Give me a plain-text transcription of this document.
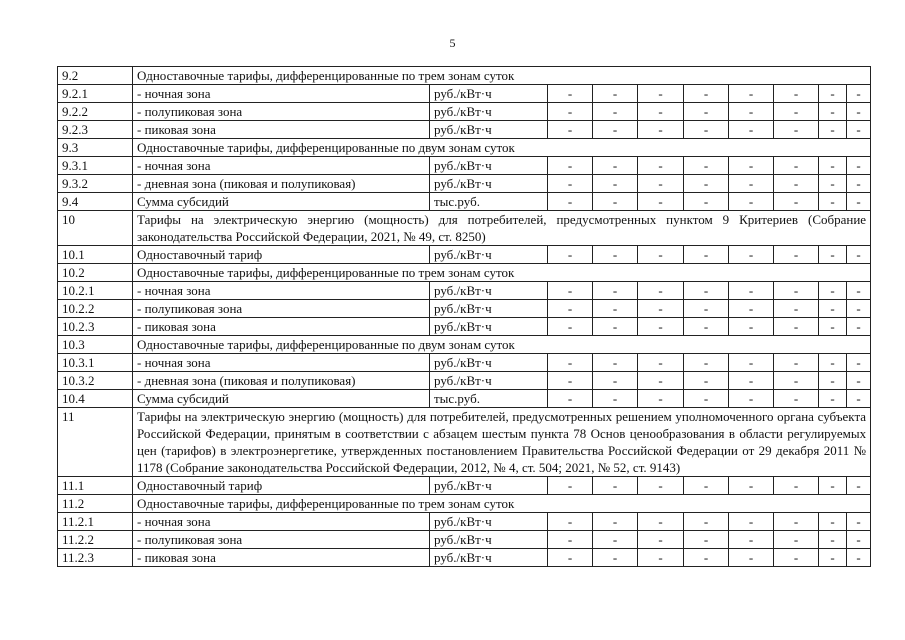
5
9.2	Одноставочные тарифы, дифференцированные по трем зонам суток									
9.2.1	- ночная зона	руб./кВт·ч	-	-	-	-	-	-	-	-
9.2.2	- полупиковая зона	руб./кВт·ч	-	-	-	-	-	-	-	-
9.2.3	- пиковая зона	руб./кВт·ч	-	-	-	-	-	-	-	-
9.3	Одноставочные тарифы, дифференцированные по двум зонам суток									
9.3.1	- ночная зона	руб./кВт·ч	-	-	-	-	-	-	-	-
9.3.2	- дневная зона (пиковая и полупиковая)	руб./кВт·ч	-	-	-	-	-	-	-	-
9.4	Сумма субсидий	тыс.руб.	-	-	-	-	-	-	-	-
10	Тарифы на электрическую энергию (мощность) для потребителей, предусмотренных пунктом 9 Критериев (Собрание законодательства Российской Федерации, 2021, № 49, ст. 8250)									
10.1	Одноставочный тариф	руб./кВт·ч	-	-	-	-	-	-	-	-
10.2	Одноставочные тарифы, дифференцированные по трем зонам суток									
10.2.1	- ночная зона	руб./кВт·ч	-	-	-	-	-	-	-	-
10.2.2	- полупиковая зона	руб./кВт·ч	-	-	-	-	-	-	-	-
10.2.3	- пиковая зона	руб./кВт·ч	-	-	-	-	-	-	-	-
10.3	Одноставочные тарифы, дифференцированные по двум зонам суток									
10.3.1	- ночная зона	руб./кВт·ч	-	-	-	-	-	-	-	-
10.3.2	- дневная зона (пиковая и полупиковая)	руб./кВт·ч	-	-	-	-	-	-	-	-
10.4	Сумма субсидий	тыс.руб.	-	-	-	-	-	-	-	-
11	Тарифы на электрическую энергию (мощность) для потребителей, предусмотренных решением уполномоченного органа субъекта Российской Федерации, принятым в соответствии с абзацем шестым пункта 78 Основ ценообразования в области регулируемых цен (тарифов) в электроэнергетике, утвержденных постановлением Правительства Российской Федерации от 29 декабря 2011 № 1178 (Собрание законодательства Российской Федерации, 2012, № 4, ст. 504; 2021, № 52, ст. 9143)									
11.1	Одноставочный тариф	руб./кВт·ч	-	-	-	-	-	-	-	-
11.2	Одноставочные тарифы, дифференцированные по трем зонам суток									
11.2.1	- ночная зона	руб./кВт·ч	-	-	-	-	-	-	-	-
11.2.2	- полупиковая зона	руб./кВт·ч	-	-	-	-	-	-	-	-
11.2.3	- пиковая зона	руб./кВт·ч	-	-	-	-	-	-	-	-
